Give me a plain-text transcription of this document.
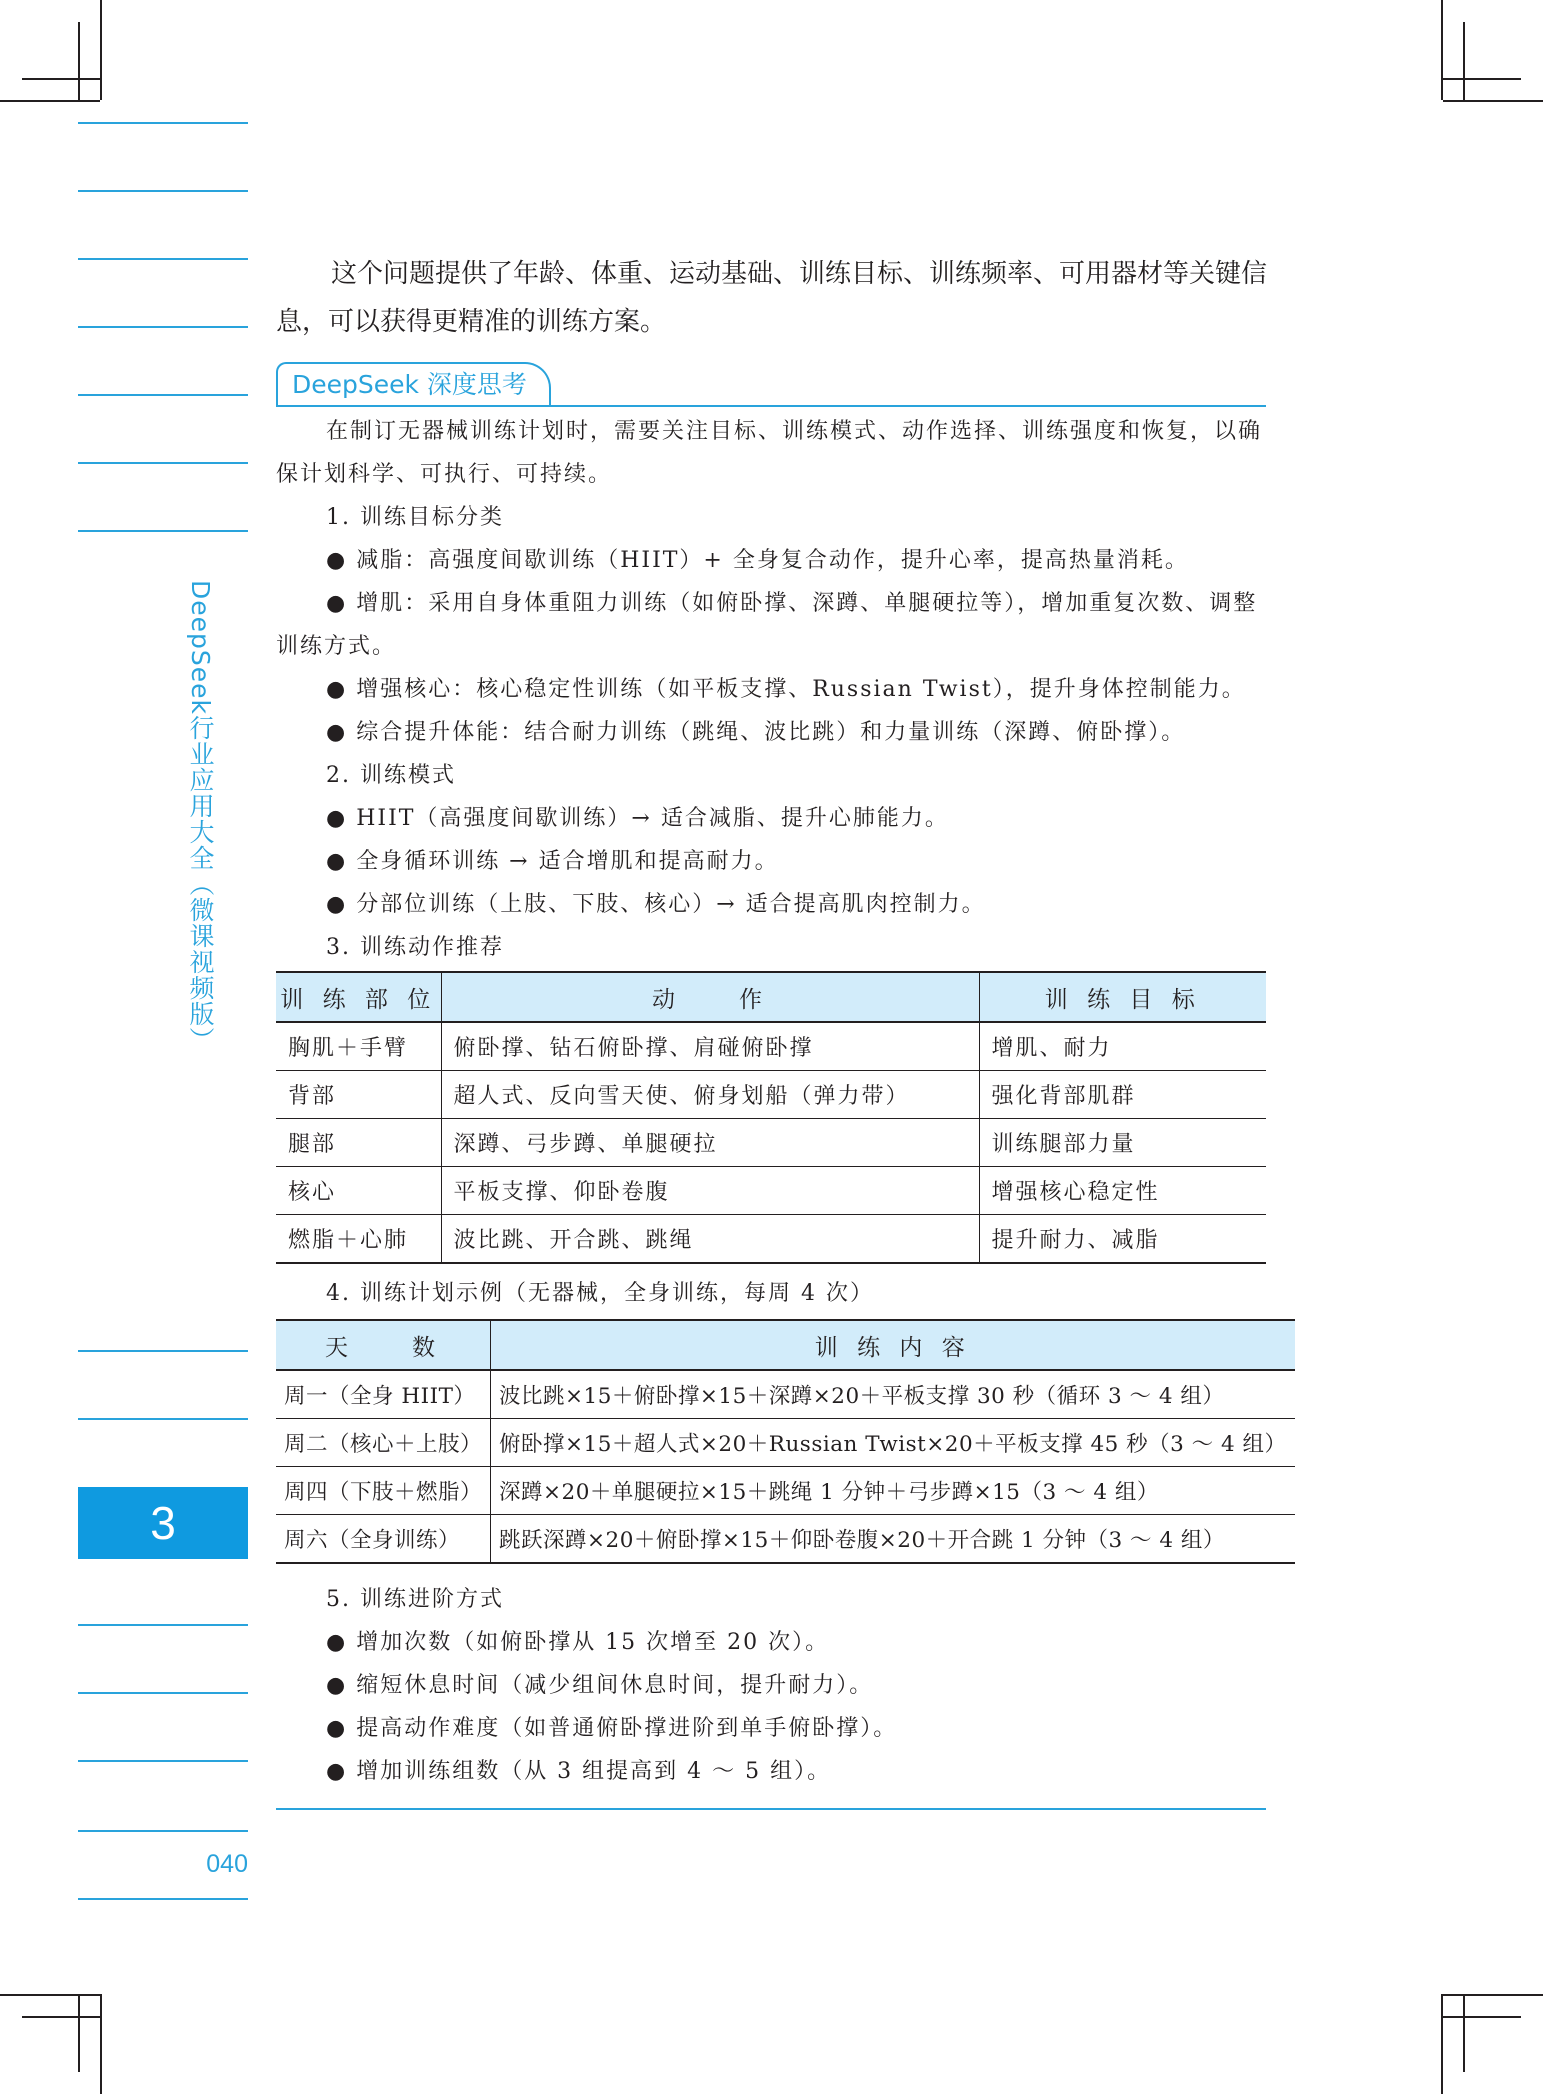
DeepSeek行业应用大全（微课视频版）
3
040
这个问题提供了年龄、体重、运动基础、训练目标、训练频率、可用器材等关键信息，可以获得更精准的训练方案。
DeepSeek 深度思考
在制订无器械训练计划时，需要关注目标、训练模式、动作选择、训练强度和恢复，以确保计划科学、可执行、可持续。
1. 训练目标分类
● 减脂：高强度间歇训练（HIIT）+ 全身复合动作，提升心率，提高热量消耗。
● 增肌：采用自身体重阻力训练（如俯卧撑、深蹲、单腿硬拉等），增加重复次数、调整训练方式。
● 增强核心：核心稳定性训练（如平板支撑、Russian Twist），提升身体控制能力。
● 综合提升体能：结合耐力训练（跳绳、波比跳）和力量训练（深蹲、俯卧撑）。
2. 训练模式
● HIIT（高强度间歇训练）→ 适合减脂、提升心肺能力。
● 全身循环训练 → 适合增肌和提高耐力。
● 分部位训练（上肢、下肢、核心）→ 适合提高肌肉控制力。
3. 训练动作推荐
训 练 部 位	动　　作	训 练 目 标
胸肌＋手臂	俯卧撑、钻石俯卧撑、肩碰俯卧撑	增肌、耐力
背部	超人式、反向雪天使、俯身划船（弹力带）	强化背部肌群
腿部	深蹲、弓步蹲、单腿硬拉	训练腿部力量
核心	平板支撑、仰卧卷腹	增强核心稳定性
燃脂＋心肺	波比跳、开合跳、跳绳	提升耐力、减脂
4. 训练计划示例（无器械，全身训练，每周 4 次）
天　　数	训 练 内 容
周一（全身 HIIT）	波比跳×15＋俯卧撑×15＋深蹲×20＋平板支撑 30 秒（循环 3 ～ 4 组）
周二（核心＋上肢）	俯卧撑×15＋超人式×20＋Russian Twist×20＋平板支撑 45 秒（3 ～ 4 组）
周四（下肢＋燃脂）	深蹲×20＋单腿硬拉×15＋跳绳 1 分钟＋弓步蹲×15（3 ～ 4 组）
周六（全身训练）	跳跃深蹲×20＋俯卧撑×15＋仰卧卷腹×20＋开合跳 1 分钟（3 ～ 4 组）
5. 训练进阶方式
● 增加次数（如俯卧撑从 15 次增至 20 次）。
● 缩短休息时间（减少组间休息时间，提升耐力）。
● 提高动作难度（如普通俯卧撑进阶到单手俯卧撑）。
● 增加训练组数（从 3 组提高到 4 ～ 5 组）。
